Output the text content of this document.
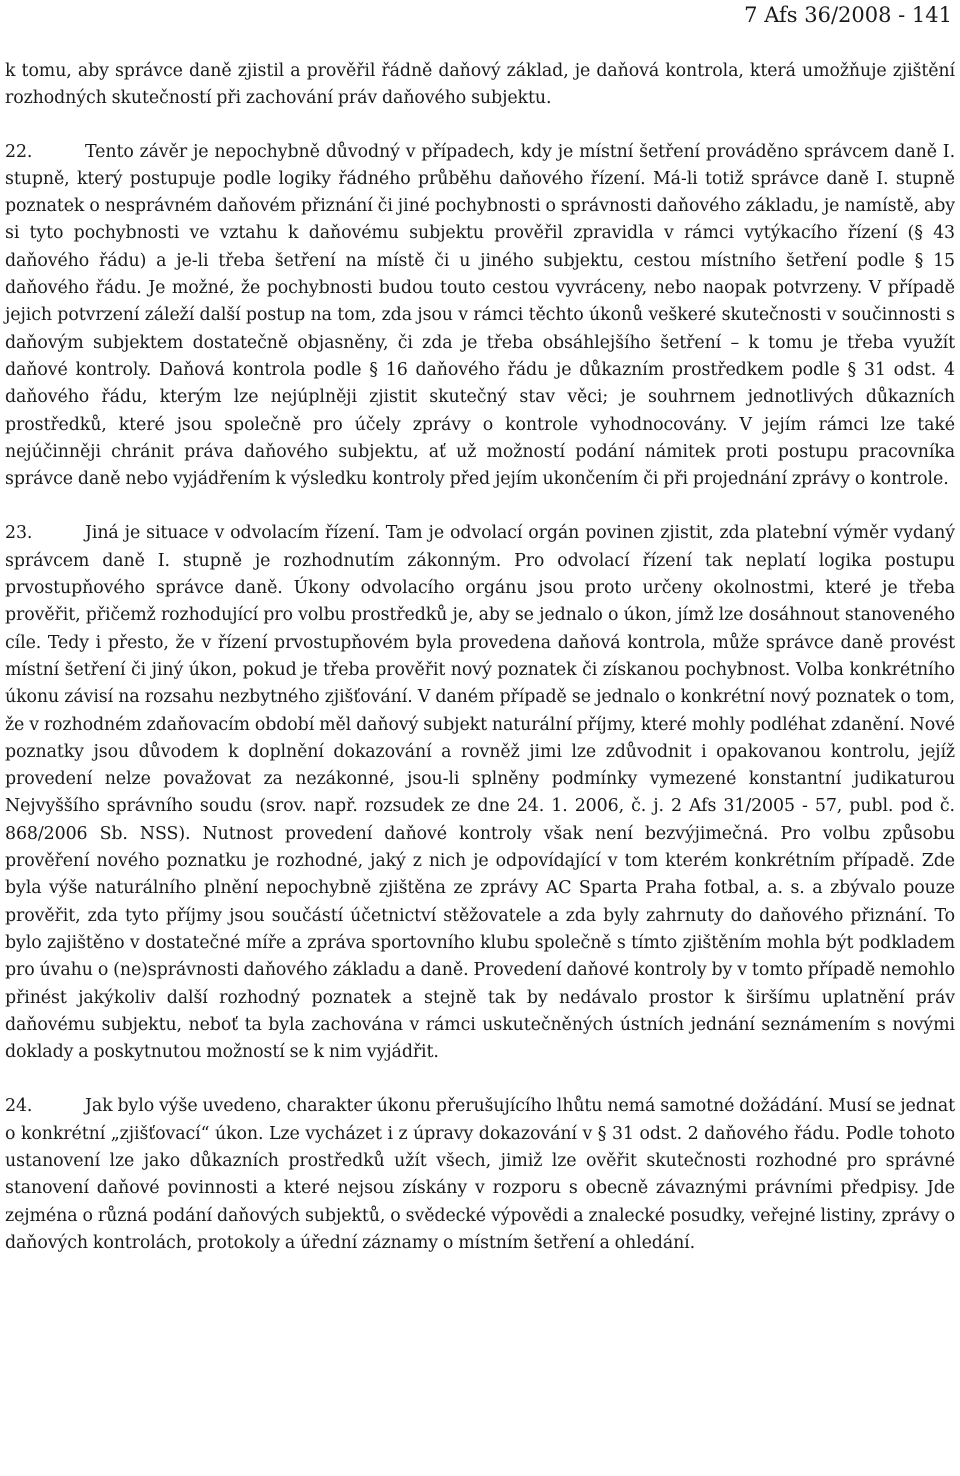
7 Afs 36/2008 - 141

k tomu, aby správce daně zjistil a prověřil řádně daňový základ, je daňová kontrola, která umožňuje zjištění rozhodných skutečností při zachování práv daňového subjektu.

22.	Tento závěr je nepochybně důvodný v případech, kdy je místní šetření prováděno správcem daně I. stupně, který postupuje podle logiky řádného průběhu daňového řízení. Má-li totiž správce daně I. stupně poznatek o nesprávném daňovém přiznání či jiné pochybnosti o správnosti daňového základu, je namístě, aby si tyto pochybnosti ve vztahu k daňovému subjektu prověřil zpravidla v rámci vytýkacího řízení (§ 43 daňového řádu) a je-li třeba šetření na místě či u jiného subjektu, cestou místního šetření podle § 15 daňového řádu. Je možné, že pochybnosti budou touto cestou vyvráceny, nebo naopak potvrzeny. V případě jejich potvrzení záleží další postup na tom, zda jsou v rámci těchto úkonů veškeré skutečnosti v součinnosti s daňovým subjektem dostatečně objasněny, či zda je třeba obsáhlejšího šetření – k tomu je třeba využít daňové kontroly. Daňová kontrola podle § 16 daňového řádu je důkazním prostředkem podle § 31 odst. 4 daňového řádu, kterým lze nejúplněji zjistit skutečný stav věci; je souhrnem jednotlivých důkazních prostředků, které jsou společně pro účely zprávy o kontrole vyhodnocovány. V jejím rámci lze také nejúčinněji chránit práva daňového subjektu, ať už možností podání námitek proti postupu pracovníka správce daně nebo vyjádřením k výsledku kontroly před jejím ukončením či při projednání zprávy o kontrole.

23.	Jiná je situace v odvolacím řízení. Tam je odvolací orgán povinen zjistit, zda platební výměr vydaný správcem daně I. stupně je rozhodnutím zákonným. Pro odvolací řízení tak neplatí logika postupu prvostupňového správce daně. Úkony odvolacího orgánu jsou proto určeny okolnostmi, které je třeba prověřit, přičemž rozhodující pro volbu prostředků je, aby se jednalo o úkon, jímž lze dosáhnout stanoveného cíle. Tedy i přesto, že v řízení prvostupňovém byla provedena daňová kontrola, může správce daně provést místní šetření či jiný úkon, pokud je třeba prověřit nový poznatek či získanou pochybnost. Volba konkrétního úkonu závisí na rozsahu nezbytného zjišťování. V daném případě se jednalo o konkrétní nový poznatek o tom, že v rozhodném zdaňovacím období měl daňový subjekt naturální příjmy, které mohly podléhat zdanění. Nové poznatky jsou důvodem k doplnění dokazování a rovněž jimi lze zdůvodnit i opakovanou kontrolu, jejíž provedení nelze považovat za nezákonné, jsou-li splněny podmínky vymezené konstantní judikaturou Nejvyššího správního soudu (srov. např. rozsudek ze dne 24. 1. 2006, č. j. 2 Afs 31/2005 - 57, publ. pod č. 868/2006 Sb. NSS). Nutnost provedení daňové kontroly však není bezvýjimečná. Pro volbu způsobu prověření nového poznatku je rozhodné, jaký z nich je odpovídající v tom kterém konkrétním případě. Zde byla výše naturálního plnění nepochybně zjištěna ze zprávy AC Sparta Praha fotbal, a. s. a zbývalo pouze prověřit, zda tyto příjmy jsou součástí účetnictví stěžovatele a zda byly zahrnuty do daňového přiznání. To bylo zajištěno v dostatečné míře a zpráva sportovního klubu společně s tímto zjištěním mohla být podkladem pro úvahu o (ne)správnosti daňového základu a daně. Provedení daňové kontroly by v tomto případě nemohlo přinést jakýkoliv další rozhodný poznatek a stejně tak by nedávalo prostor k širšímu uplatnění práv daňovému subjektu, neboť ta byla zachována v rámci uskutečněných ústních jednání seznámením s novými doklady a poskytnutou možností se k nim vyjádřit.

24.	Jak bylo výše uvedeno, charakter úkonu přerušujícího lhůtu nemá samotné dožádání. Musí se jednat o konkrétní „zjišťovací“ úkon. Lze vycházet i z úpravy dokazování v § 31 odst. 2 daňového řádu. Podle tohoto ustanovení lze jako důkazních prostředků užít všech, jimiž lze ověřit skutečnosti rozhodné pro správné stanovení daňové povinnosti a které nejsou získány v rozporu s obecně závaznými právními předpisy. Jde zejména o různá podání daňových subjektů, o svědecké výpovědi a znalecké posudky, veřejné listiny, zprávy o daňových kontrolách, protokoly a úřední záznamy o místním šetření a ohledání.
